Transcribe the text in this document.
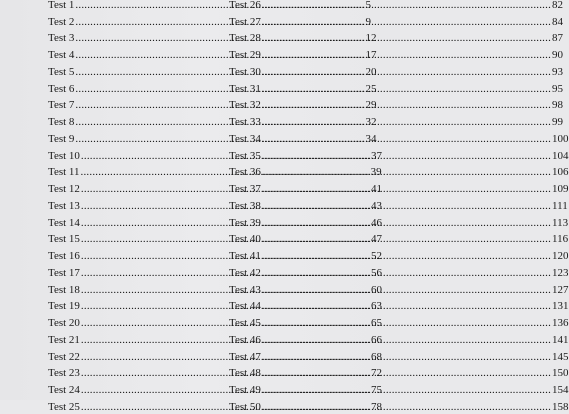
Test 1 .....	5
Test 2 .....	9
Test 3 .....	12
Test 4 .....	17
Test 5 .....	20
Test 6 .....	25
Test 7 .....	29
Test 8 .....	32
Test 9 .....	34
Test 10 .....	37
Test 11 .....	39
Test 12 .....	41
Test 13 .....	43
Test 14 .....	46
Test 15 .....	47
Test 16 .....	52
Test 17 .....	56
Test 18 .....	60
Test 19 .....	63
Test 20 .....	65
Test 21 .....	66
Test 22 .....	68
Test 23 .....	72
Test 24 .....	75
Test 25 .....	78
Test 26 .....	82
Test 27 .....	84
Test 28 .....	87
Test 29 .....	90
Test 30 .....	93
Test 31 .....	95
Test 32 .....	98
Test 33 .....	99
Test 34 .....	100
Test 35 .....	104
Test 36 .....	106
Test 37 .....	109
Test 38 .....	111
Test 39 .....	113
Test 40 .....	116
Test 41 .....	120
Test 42 .....	123
Test 43 .....	127
Test 44 .....	131
Test 45 .....	136
Test 46 .....	141
Test 47 .....	145
Test 48 .....	150
Test 49 .....	154
Test 50 .....	158
